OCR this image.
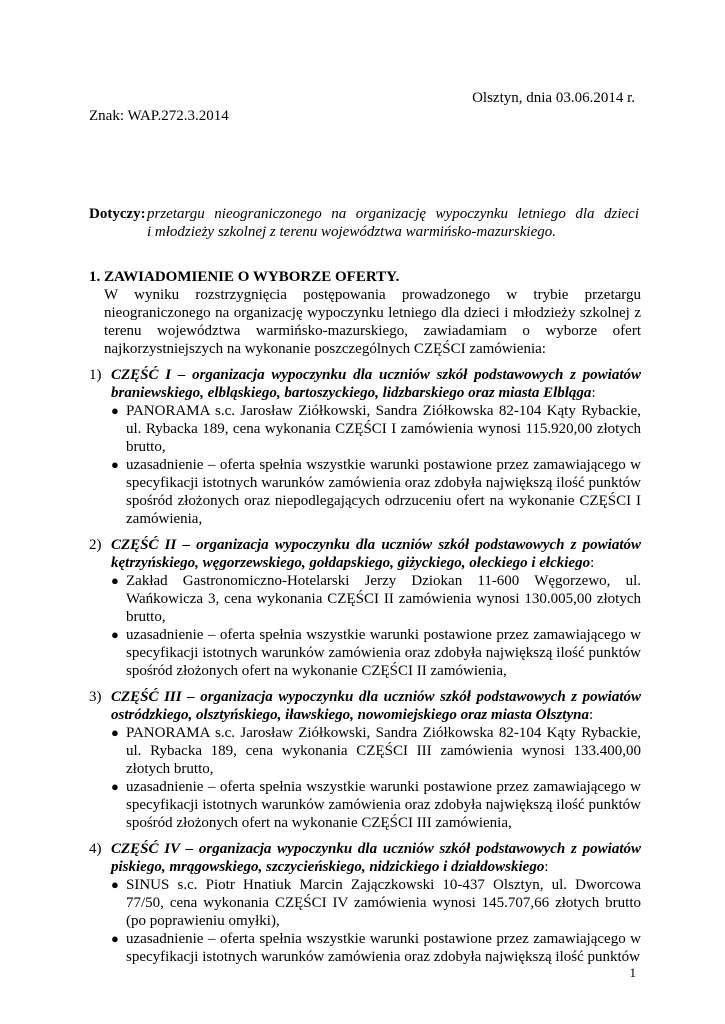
Olsztyn, dnia 03.06.2014 r.
Znak: WAP.272.3.2014
Dotyczy: przetargu nieograniczonego na organizację wypoczynku letniego dla dzieci
i młodzieży szkolnej z terenu województwa warmińsko-mazurskiego.
1. ZAWIADOMIENIE O WYBORZE OFERTY.
W wyniku rozstrzygnięcia postępowania prowadzonego w trybie przetargu nieograniczonego na organizację wypoczynku letniego dla dzieci i młodzieży szkolnej z terenu województwa warmińsko-mazurskiego, zawiadamiam o wyborze ofert najkorzystniejszych na wykonanie poszczególnych CZĘŚCI zamówienia:
1) CZĘŚĆ I – organizacja wypoczynku dla uczniów szkół podstawowych z powiatów braniewskiego, elbląskiego, bartoszyckiego, lidzbarskiego oraz miasta Elbląga:
● PANORAMA s.c. Jarosław Ziółkowski, Sandra Ziółkowska 82-104 Kąty Rybackie, ul. Rybacka 189, cena wykonania CZĘŚCI I zamówienia wynosi 115.920,00 złotych brutto,
● uzasadnienie – oferta spełnia wszystkie warunki postawione przez zamawiającego w specyfikacji istotnych warunków zamówienia oraz zdobyła największą ilość punktów spośród złożonych oraz niepodlegających odrzuceniu ofert na wykonanie CZĘŚCI I zamówienia,
2) CZĘŚĆ II – organizacja wypoczynku dla uczniów szkół podstawowych z powiatów kętrzyńskiego, węgorzewskiego, gołdapskiego, giżyckiego, oleckiego i ełckiego:
● Zakład Gastronomiczno-Hotelarski Jerzy Dziokan 11-600 Węgorzewo, ul. Wańkowicza 3, cena wykonania CZĘŚCI II zamówienia wynosi 130.005,00 złotych brutto,
● uzasadnienie – oferta spełnia wszystkie warunki postawione przez zamawiającego w specyfikacji istotnych warunków zamówienia oraz zdobyła największą ilość punktów spośród złożonych ofert na wykonanie CZĘŚCI II zamówienia,
3) CZĘŚĆ III – organizacja wypoczynku dla uczniów szkół podstawowych z powiatów ostródzkiego, olsztyńskiego, iławskiego, nowomiejskiego oraz miasta Olsztyna:
● PANORAMA s.c. Jarosław Ziółkowski, Sandra Ziółkowska 82-104 Kąty Rybackie, ul. Rybacka 189, cena wykonania CZĘŚCI III zamówienia wynosi 133.400,00 złotych brutto,
● uzasadnienie – oferta spełnia wszystkie warunki postawione przez zamawiającego w specyfikacji istotnych warunków zamówienia oraz zdobyła największą ilość punktów spośród złożonych ofert na wykonanie CZĘŚCI III zamówienia,
4) CZĘŚĆ IV – organizacja wypoczynku dla uczniów szkół podstawowych z powiatów piskiego, mrągowskiego, szczycieńskiego, nidzickiego i działdowskiego:
● SINUS s.c. Piotr Hnatiuk Marcin Zajączkowski 10-437 Olsztyn, ul. Dworcowa 77/50, cena wykonania CZĘŚCI IV zamówienia wynosi 145.707,66 złotych brutto (po poprawieniu omyłki),
● uzasadnienie – oferta spełnia wszystkie warunki postawione przez zamawiającego w specyfikacji istotnych warunków zamówienia oraz zdobyła największą ilość punktów
1
